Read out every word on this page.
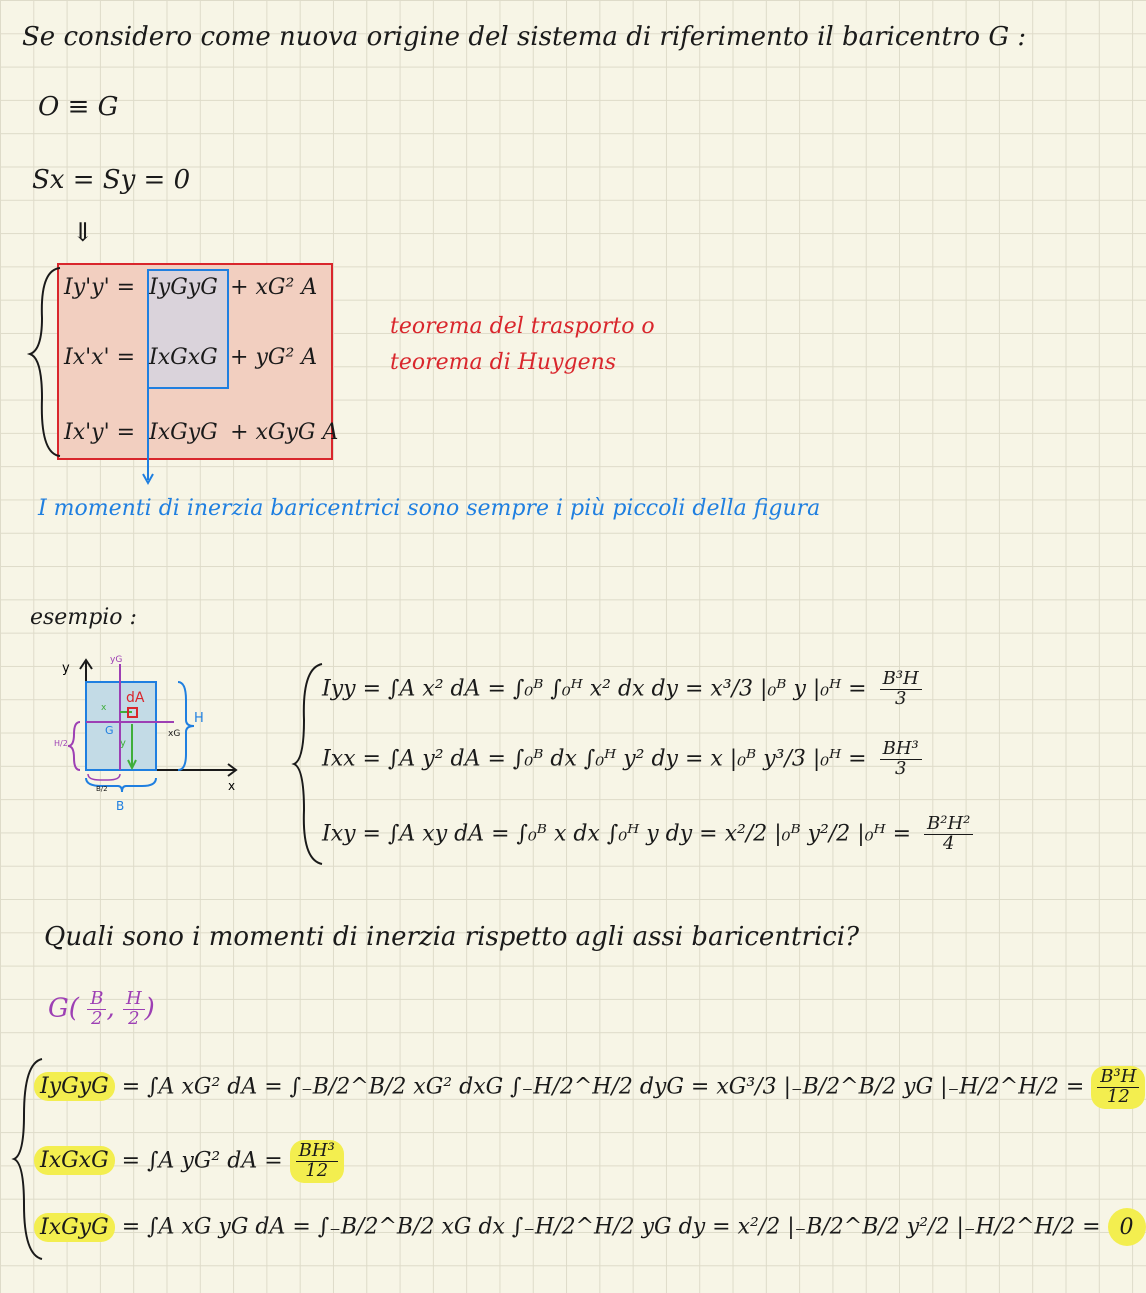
Se considero come nuova origine del sistema di riferimento il baricentro G :
O ≡ G
Sx = Sy = 0
⇓
Iy'y' = IyGyG + xG² A
Ix'x' = IxGxG + yG² A
Ix'y' = IxGyG + xGyG A
teorema del trasporto o
teorema di Huygens
I momenti di inerzia baricentrici sono sempre i più piccoli della figura
esempio :
y
x
yG
xG
x
y
dA
G
H
H/2
B
B/2
Iyy = ∫A x² dA = ∫₀ᴮ ∫₀ᴴ x² dx dy = x³/3 |₀ᴮ y |₀ᴴ = $\frac{\text{B³H}}{3}$
Ixx = ∫A y² dA = ∫₀ᴮ dx ∫₀ᴴ y² dy = x |₀ᴮ y³/3 |₀ᴴ = $\frac{\text{BH³}}{3}$
Ixy = ∫A xy dA = ∫₀ᴮ x dx ∫₀ᴴ y dy = x²/2 |₀ᴮ y²/2 |₀ᴴ = $\frac{\text{B²H²}}{4}$
Quali sono i momenti di inerzia rispetto agli assi baricentrici?
$G( \frac{B}{2}$ , $\frac{H}{2}$ )
IyGyG = ∫A xG² dA = ∫₋B/2^B/2 xG² dxG ∫₋H/2^H/2 dyG = xG³/3 |₋B/2^B/2 yG |₋H/2^H/2 = $\frac{\text{B³H}}{12}$
IxGxG = ∫A yG² dA = $\frac{\text{BH³}}{12}$
IxGyG = ∫A xG yG dA = ∫₋B/2^B/2 xG dx ∫₋H/2^H/2 yG dy = x²/2 |₋B/2^B/2 y²/2 |₋H/2^H/2 = 0
